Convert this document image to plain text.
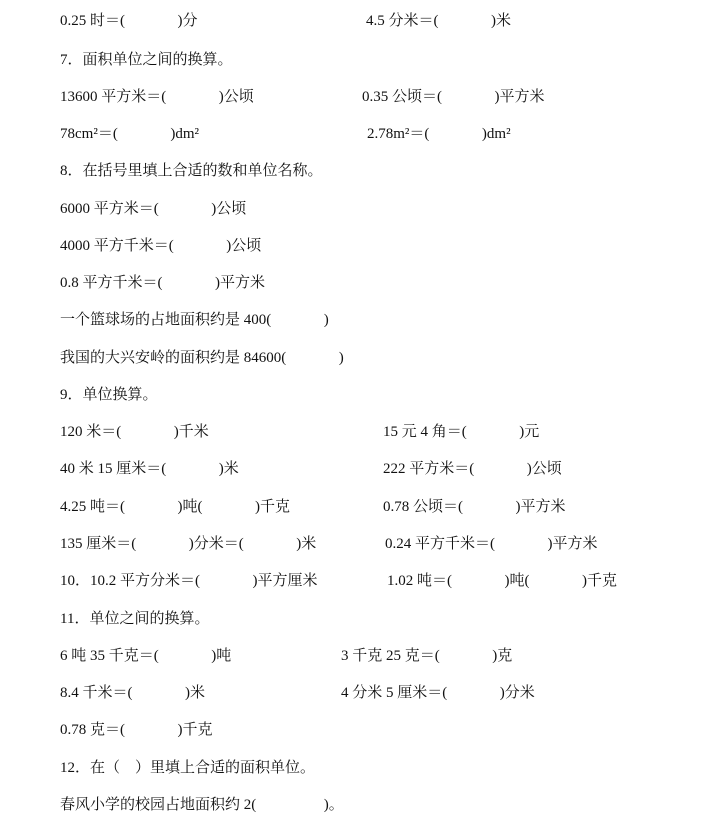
0.25 时＝(              )分	4.5 分米＝(              )米
7．面积单位之间的换算。
13600 平方米＝(              )公顷	0.35 公顷＝(              )平方米
78cm²＝(              )dm²	2.78m²＝(              )dm²
8．在括号里填上合适的数和单位名称。
6000 平方米＝(              )公顷
4000 平方千米＝(              )公顷
0.8 平方千米＝(              )平方米
一个篮球场的占地面积约是 400(              )
我国的大兴安岭的面积约是 84600(              )
9．单位换算。
120 米＝(              )千米	15 元 4 角＝(              )元
40 米 15 厘米＝(              )米	222 平方米＝(              )公顷
4.25 吨＝(              )吨(              )千克	0.78 公顷＝(              )平方米
135 厘米＝(              )分米＝(              )米	0.24 平方千米＝(              )平方米
10．10.2 平方分米＝(              )平方厘米	1.02 吨＝(              )吨(              )千克
11．单位之间的换算。
6 吨 35 千克＝(              )吨	3 千克 25 克＝(              )克
8.4 千米＝(              )米	4 分米 5 厘米＝(              )分米
0.78 克＝(              )千克
12．在（    ）里填上合适的面积单位。
春风小学的校园占地面积约 2(                  )。
